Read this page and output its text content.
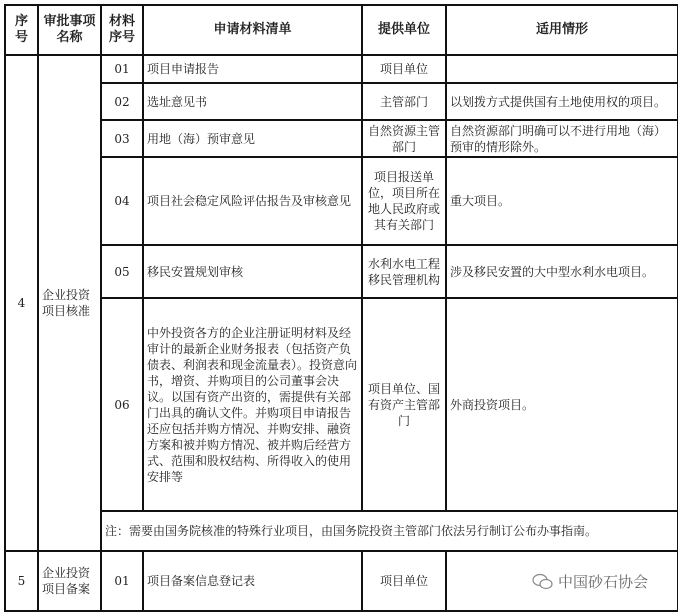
序号	审批事项名称	材料序号	申请材料清单	提供单位	适用情形
4	企业投资项目核准	01	项目申请报告	项目单位	
		02	选址意见书	主管部门	以划拨方式提供国有土地使用权的项目。
		03	用地（海）预审意见	自然资源主管部门	自然资源部门明确可以不进行用地（海）预审的情形除外。
		04	项目社会稳定风险评估报告及审核意见	项目报送单位，项目所在地人民政府或其有关部门	重大项目。
		05	移民安置规划审核	水利水电工程移民管理机构	涉及移民安置的大中型水利水电项目。
		06	中外投资各方的企业注册证明材料及经审计的最新企业财务报表（包括资产负债表、利润表和现金流量表）。投资意向书，增资、并购项目的公司董事会决议。以国有资产出资的，需提供有关部门出具的确认文件。并购项目申请报告还应包括并购方情况、并购安排、融资方案和被并购方情况、被并购后经营方式、范围和股权结构、所得收入的使用安排等	项目单位、国有资产主管部门	外商投资项目。
		注：需要由国务院核准的特殊行业项目，由国务院投资主管部门依法另行制订公布办事指南。			
5	企业投资项目备案	01	项目备案信息登记表	项目单位		中国砂石协会
